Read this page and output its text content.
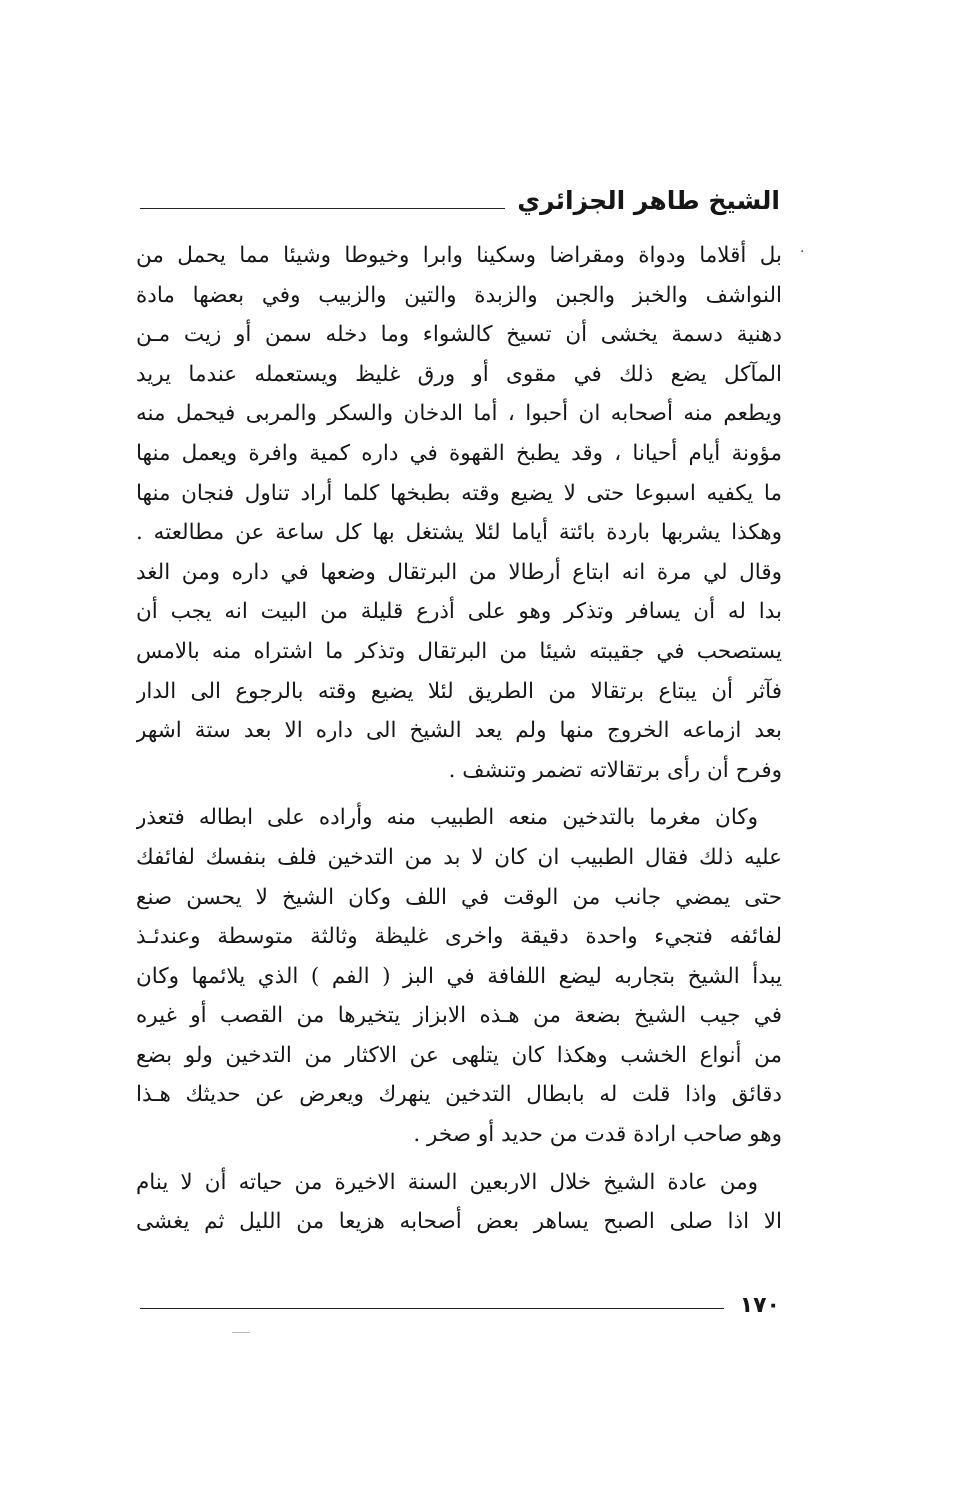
الشيخ طاهر الجزائري
·
بل أقلاما ودواة ومقراضا وسكينا وابرا وخيوطا وشيئا مما يحمل من
النواشف والخبز والجبن والزبدة والتين والزبيب وفي بعضها مادة
دهنية دسمة يخشى أن تسيخ كالشواء وما دخله سمن أو زيت مـن
المآكل يضع ذلك في مقوى أو ورق غليظ ويستعمله عندما يريد
ويطعم منه أصحابه ان أحبوا ، أما الدخان والسكر والمربى فيحمل منه
مؤونة أيام أحيانا ، وقد يطبخ القهوة في داره كمية وافرة ويعمل منها
ما يكفيه اسبوعا حتى لا يضيع وقته بطبخها كلما أراد تناول فنجان منها
وهكذا يشربها باردة بائتة أياما لئلا يشتغل بها كل ساعة عن مطالعته .
وقال لي مرة انه ابتاع أرطالا من البرتقال وضعها في داره ومن الغد
بدا له أن يسافر وتذكر وهو على أذرع قليلة من البيت انه يجب أن
يستصحب في جقيبته شيئا من البرتقال وتذكر ما اشتراه منه بالامس
فآثر أن يبتاع برتقالا من الطريق لئلا يضيع وقته بالرجوع الى الدار
بعد ازماعه الخروج منها ولم يعد الشيخ الى داره الا بعد ستة اشهر
وفرح أن رأى برتقالاته تضمر وتنشف .
وكان مغرما بالتدخين منعه الطبيب منه وأراده على ابطاله فتعذر
عليه ذلك فقال الطبيب ان كان لا بد من التدخين فلف بنفسك لفائفك
حتى يمضي جانب من الوقت في اللف وكان الشيخ لا يحسن صنع
لفائفه فتجيء واحدة دقيقة واخرى غليظة وثالثة متوسطة وعندئـذ
يبدأ الشيخ بتجاربه ليضع اللفافة في البز ( الفم ) الذي يلائمها وكان
في جيب الشيخ بضعة من هـذه الابزاز يتخيرها من القصب أو غيره
من أنواع الخشب وهكذا كان يتلهى عن الاكثار من التدخين ولو بضع
دقائق واذا قلت له بابطال التدخين ينهرك ويعرض عن حديثك هـذا
وهو صاحب ارادة قدت من حديد أو صخر .
ومن عادة الشيخ خلال الاربعين السنة الاخيرة من حياته أن لا ينام
الا اذا صلى الصبح يساهر بعض أصحابه هزيعا من الليل ثم يغشى
١٧٠
